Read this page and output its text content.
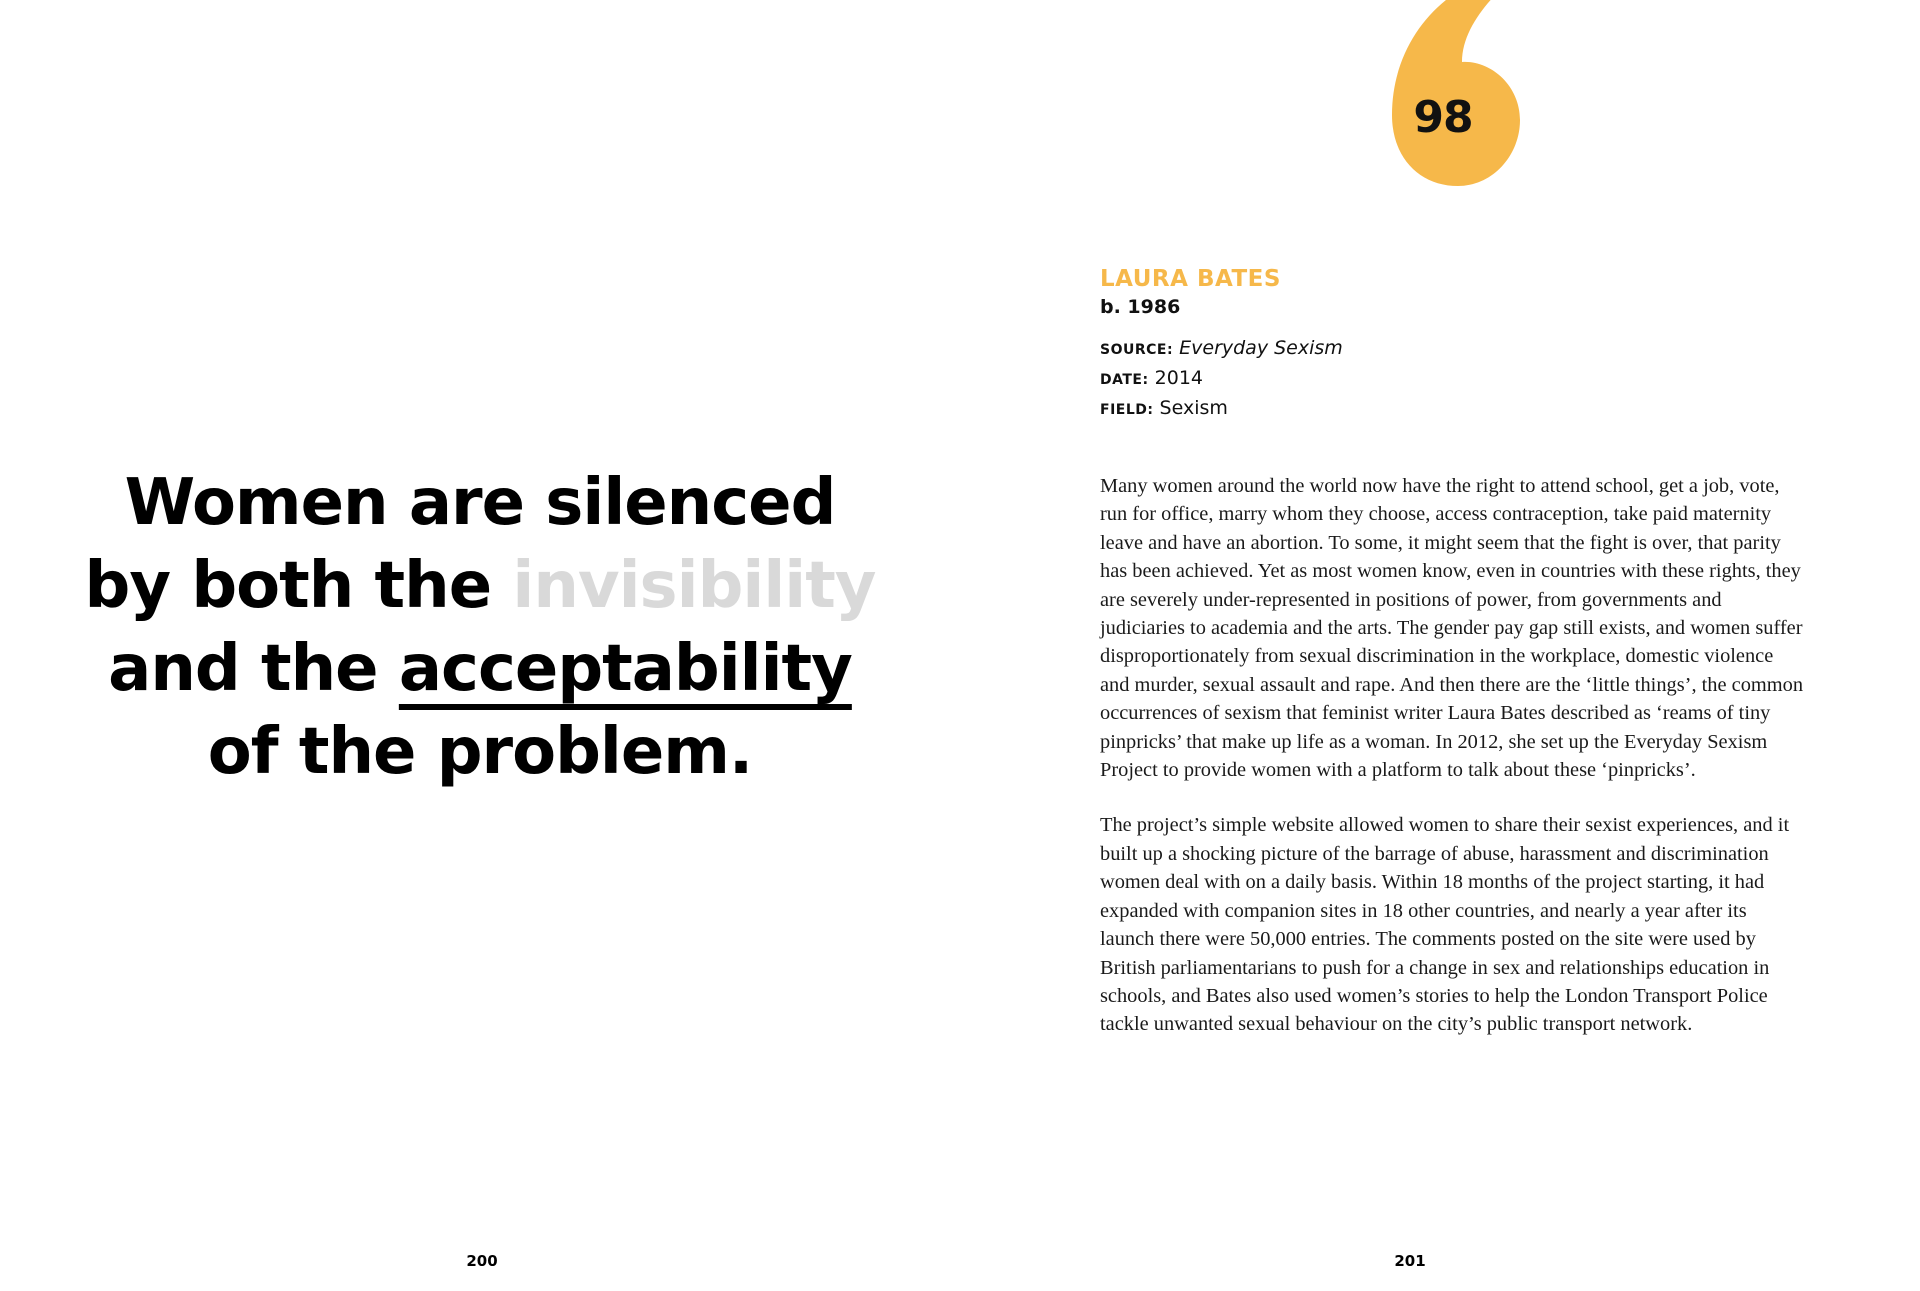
Women are silenced
by both the invisibility
and the acceptability
of the problem.
200
98
LAURA BATES
b. 1986
SOURCE: Everyday Sexism
DATE: 2014
FIELD: Sexism

Many women around the world now have the right to attend school, get a job, vote, run for office, marry whom they choose, access contraception, take paid maternity leave and have an abortion. To some, it might seem that the fight is over, that parity has been achieved. Yet as most women know, even in countries with these rights, they are severely under-represented in positions of power, from governments and judiciaries to academia and the arts. The gender pay gap still exists, and women suffer disproportionately from sexual discrimination in the workplace, domestic violence and murder, sexual assault and rape. And then there are the ‘little things’, the common occurrences of sexism that feminist writer Laura Bates described as ‘reams of tiny pinpricks’ that make up life as a woman. In 2012, she set up the Everyday Sexism Project to provide women with a platform to talk about these ‘pinpricks’.

The project’s simple website allowed women to share their sexist experiences, and it built up a shocking picture of the barrage of abuse, harassment and discrimination women deal with on a daily basis. Within 18 months of the project starting, it had expanded with companion sites in 18 other countries, and nearly a year after its launch there were 50,000 entries. The comments posted on the site were used by British parliamentarians to push for a change in sex and relationships education in schools, and Bates also used women’s stories to help the London Transport Police tackle unwanted sexual behaviour on the city’s public transport network.

201
